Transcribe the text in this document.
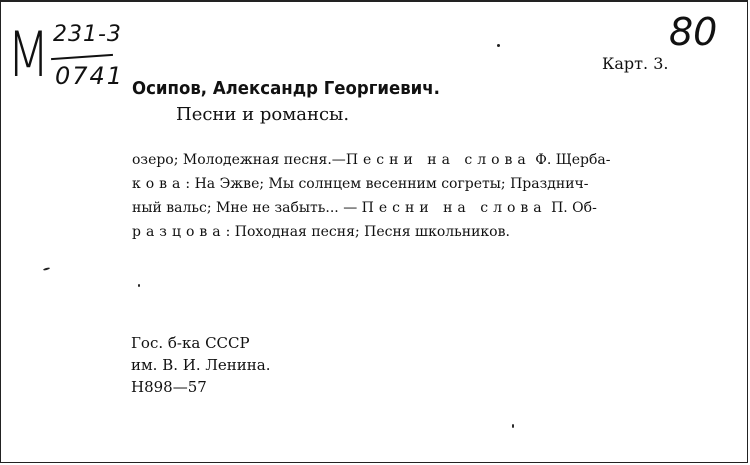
М 231-3
0741
80
Карт. 3.
Осипов, Александр Георгиевич.
Песни и романсы.
озеро; Молодежная песня.—Песни на слова Ф. Щерба-
кова: На Эжве; Мы солнцем весенним согреты; Празднич-
ный вальс; Мне не забыть... — Песни на слова П. Об-
разцова: Походная песня; Песня школьников.
Гос. б-ка СССР
им. В. И. Ленина.
Н898—57
